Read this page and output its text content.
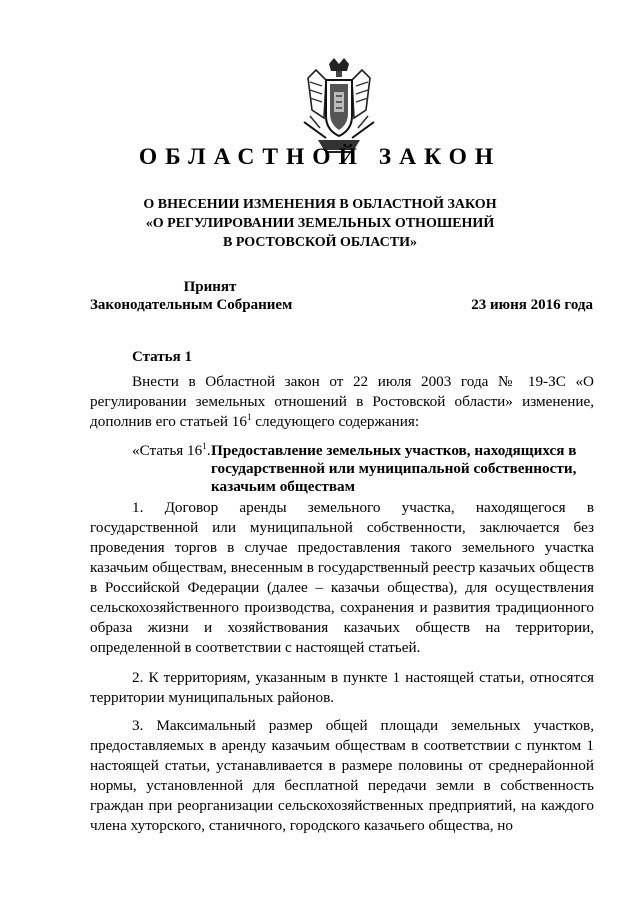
ОБЛАСТНОЙ ЗАКОН
О ВНЕСЕНИИ ИЗМЕНЕНИЯ В ОБЛАСТНОЙ ЗАКОН
«О РЕГУЛИРОВАНИИ ЗЕМЕЛЬНЫХ ОТНОШЕНИЙ
В РОСТОВСКОЙ ОБЛАСТИ»
Принят
Законодательным Собранием	23 июня 2016 года
Статья 1

Внести в Областной закон от 22 июля 2003 года № 19-ЗС «О регулировании земельных отношений в Ростовской области» изменение, дополнив его статьей $16^1$ следующего содержания:

«Статья $16^1$. Предоставление земельных участков, находящихся в государственной или муниципальной собственности, казачьим обществам

1. Договор аренды земельного участка, находящегося в государственной или муниципальной собственности, заключается без проведения торгов в случае предоставления такого земельного участка казачьим обществам, внесенным в государственный реестр казачьих обществ в Российской Федерации (далее – казачьи общества), для осуществления сельскохозяйственного производства, сохранения и развития традиционного образа жизни и хозяйствования казачьих обществ на территории, определенной в соответствии с настоящей статьей.

2. К территориям, указанным в пункте 1 настоящей статьи, относятся территории муниципальных районов.

3. Максимальный размер общей площади земельных участков, предоставляемых в аренду казачьим обществам в соответствии с пунктом 1 настоящей статьи, устанавливается в размере половины от среднерайонной нормы, установленной для бесплатной передачи земли в собственность граждан при реорганизации сельскохозяйственных предприятий, на каждого члена хуторского, станичного, городского казачьего общества, но
